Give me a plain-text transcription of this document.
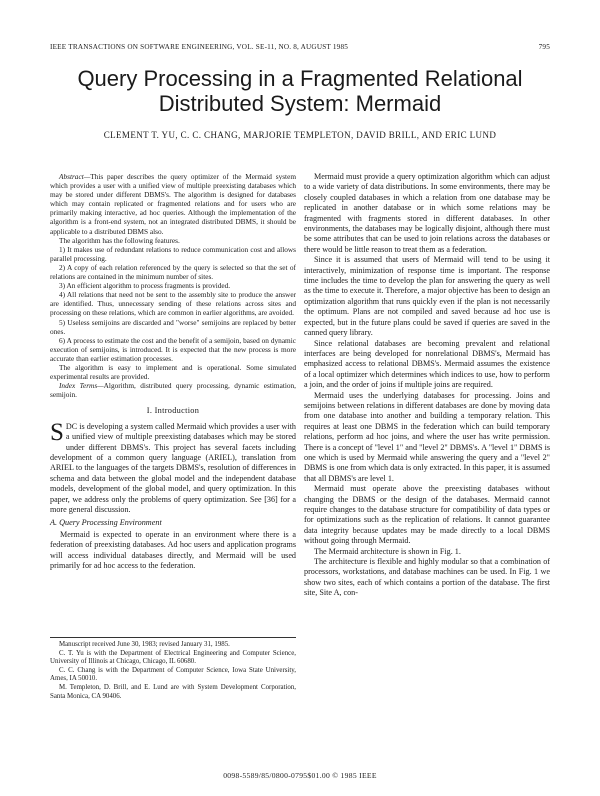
IEEE TRANSACTIONS ON SOFTWARE ENGINEERING, VOL. SE-11, NO. 8, AUGUST 1985	795
Query Processing in a Fragmented Relational Distributed System: Mermaid
CLEMENT T. YU, C. C. CHANG, MARJORIE TEMPLETON, DAVID BRILL, AND ERIC LUND

Abstract—This paper describes the query optimizer of the Mermaid system which provides a user with a unified view of multiple preexisting databases which may be stored under different DBMS's. The algorithm is designed for databases which may contain replicated or fragmented relations and for users who are primarily making interactive, ad hoc queries. Although the implementation of the algorithm is a front-end system, not an integrated distributed DBMS, it should be applicable to a distributed DBMS also.

The algorithm has the following features.

1) It makes use of redundant relations to reduce communication cost and allows parallel processing.

2) A copy of each relation referenced by the query is selected so that the set of relations are contained in the minimum number of sites.

3) An efficient algorithm to process fragments is provided.

4) All relations that need not be sent to the assembly site to produce the answer are identified. Thus, unnecessary sending of these relations across sites and processing on these relations, which are common in earlier algorithms, are avoided.

5) Useless semijoins are discarded and "worse" semijoins are replaced by better ones.

6) A process to estimate the cost and the benefit of a semijoin, based on dynamic execution of semijoins, is introduced. It is expected that the new process is more accurate than earlier estimation processes.

The algorithm is easy to implement and is operational. Some simulated experimental results are provided.

Index Terms—Algorithm, distributed query processing, dynamic estimation, semijoin.

I. Introduction

SDC is developing a system called Mermaid which provides a user with a unified view of multiple preexisting databases which may be stored under different DBMS's. This project has several facets including development of a common query language (ARIEL), translation from ARIEL to the languages of the targets DBMS's, resolution of differences in schema and data between the global model and the independent database models, development of the global model, and query optimization. In this paper, we address only the problems of query optimization. See [36] for a more general discussion.

A. Query Processing Environment

Mermaid is expected to operate in an environment where there is a federation of preexisting databases. Ad hoc users and application programs will access individual databases directly, and Mermaid will be used primarily for ad hoc access to the federation.

Manuscript received June 30, 1983; revised January 31, 1985.

C. T. Yu is with the Department of Electrical Engineering and Computer Science, University of Illinois at Chicago, Chicago, IL 60680.

C. C. Chang is with the Department of Computer Science, Iowa State University, Ames, IA 50010.

M. Templeton, D. Brill, and E. Lund are with System Development Corporation, Santa Monica, CA 90406.

Mermaid must provide a query optimization algorithm which can adjust to a wide variety of data distributions. In some environments, there may be closely coupled databases in which a relation from one database may be replicated in another database or in which some relations may be fragmented with fragments stored in different databases. In other environments, the databases may be logically disjoint, although there must be some attributes that can be used to join relations across the databases or there would be little reason to treat them as a federation.

Since it is assumed that users of Mermaid will tend to be using it interactively, minimization of response time is important. The response time includes the time to develop the plan for answering the query as well as the time to execute it. Therefore, a major objective has been to design an optimization algorithm that runs quickly even if the plan is not necessarily the optimum. Plans are not compiled and saved because ad hoc use is expected, but in the future plans could be saved if queries are saved in the canned query library.

Since relational databases are becoming prevalent and relational interfaces are being developed for nonrelational DBMS's, Mermaid has emphasized access to relational DBMS's. Mermaid assumes the existence of a local optimizer which determines which indices to use, how to perform a join, and the order of joins if multiple joins are required.

Mermaid uses the underlying databases for processing. Joins and semijoins between relations in different databases are done by moving data from one database into another and building a temporary relation. This requires at least one DBMS in the federation which can build temporary relations, perform ad hoc joins, and where the user has write permission. There is a concept of "level 1" and "level 2" DBMS's. A "level 1" DBMS is one which is used by Mermaid while answering the query and a "level 2" DBMS is one from which data is only extracted. In this paper, it is assumed that all DBMS's are level 1.

Mermaid must operate above the preexisting databases without changing the DBMS or the design of the databases. Mermaid cannot require changes to the database structure for compatibility of data types or for optimizations such as the replication of relations. It cannot guarantee data integrity because updates may be made directly to a local DBMS without going through Mermaid.

The Mermaid architecture is shown in Fig. 1.

The architecture is flexible and highly modular so that a combination of processors, workstations, and database machines can be used. In Fig. 1 we show two sites, each of which contains a portion of the database. The first site, Site A, con-

0098-5589/85/0800-0795$01.00 © 1985 IEEE
